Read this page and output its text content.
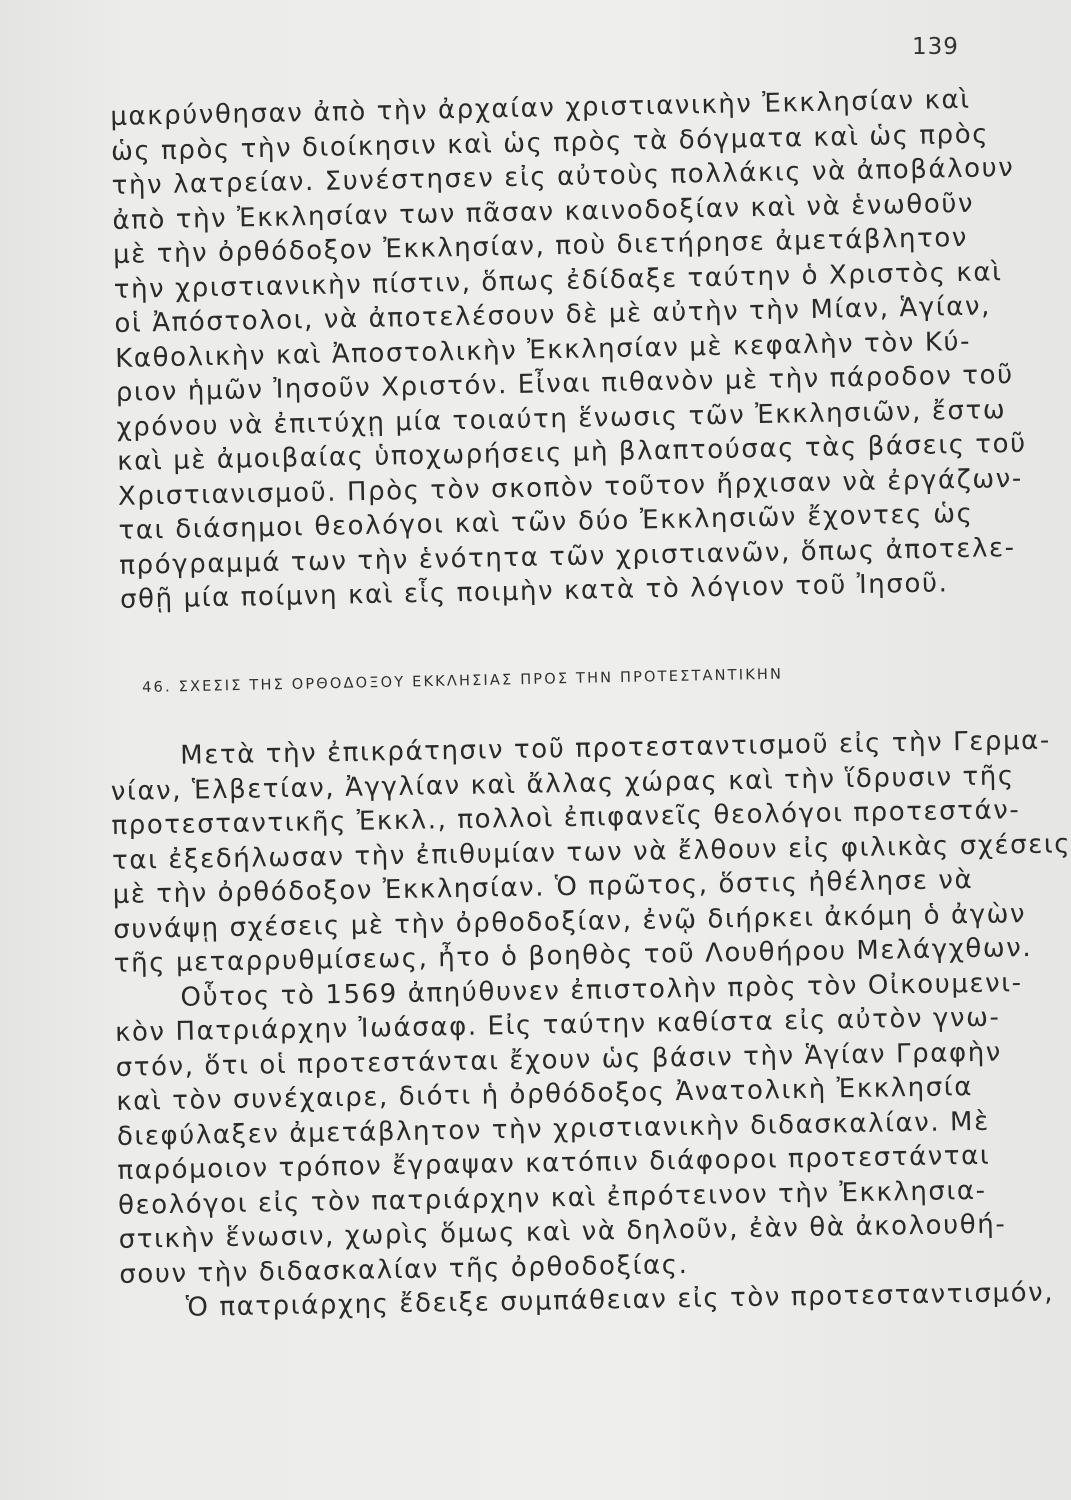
139
μακρύνθησαν ἀπὸ τὴν ἀρχαίαν χριστιανικὴν Ἐκκλησίαν καὶ
ὡς πρὸς τὴν διοίκησιν καὶ ὡς πρὸς τὰ δόγματα καὶ ὡς πρὸς
τὴν λατρείαν. Συνέστησεν εἰς αὐτοὺς πολλάκις νὰ ἀποβάλουν
ἀπὸ τὴν Ἐκκλησίαν των πᾶσαν καινοδοξίαν καὶ νὰ ἑνωθοῦν
μὲ τὴν ὀρθόδοξον Ἐκκλησίαν, ποὺ διετήρησε ἀμετάβλητον
τὴν χριστιανικὴν πίστιν, ὅπως ἐδίδαξε ταύτην ὁ Χριστὸς καὶ
οἱ Ἀπόστολοι, νὰ ἀποτελέσουν δὲ μὲ αὐτὴν τὴν Μίαν, Ἁγίαν,
Καθολικὴν καὶ Ἀποστολικὴν Ἐκκλησίαν μὲ κεφαλὴν τὸν Κύ-
ριον ἡμῶν Ἰησοῦν Χριστόν. Εἶναι πιθανὸν μὲ τὴν πάροδον τοῦ
χρόνου νὰ ἐπιτύχῃ μία τοιαύτη ἕνωσις τῶν Ἐκκλησιῶν, ἔστω
καὶ μὲ ἀμοιβαίας ὑποχωρήσεις μὴ βλαπτούσας τὰς βάσεις τοῦ
Χριστιανισμοῦ. Πρὸς τὸν σκοπὸν τοῦτον ἤρχισαν νὰ ἐργάζων-
ται διάσημοι θεολόγοι καὶ τῶν δύο Ἐκκλησιῶν ἔχοντες ὡς
πρόγραμμά των τὴν ἑνότητα τῶν χριστιανῶν, ὅπως ἀποτελε-
σθῇ μία ποίμνη καὶ εἷς ποιμὴν κατὰ τὸ λόγιον τοῦ Ἰησοῦ.
46. ΣΧΕΣΙΣ ΤΗΣ ΟΡΘΟΔΟΞΟΥ ΕΚΚΛΗΣΙΑΣ ΠΡΟΣ ΤΗΝ ΠΡΟΤΕΣΤΑΝΤΙΚΗΝ
Μετὰ τὴν ἐπικράτησιν τοῦ προτεσταντισμοῦ εἰς τὴν Γερμα-
νίαν, Ἑλβετίαν, Ἀγγλίαν καὶ ἄλλας χώρας καὶ τὴν ἵδρυσιν τῆς
προτεσταντικῆς Ἐκκλ., πολλοὶ ἐπιφανεῖς θεολόγοι προτεστάν-
ται ἐξεδήλωσαν τὴν ἐπιθυμίαν των νὰ ἔλθουν εἰς φιλικὰς σχέσεις
μὲ τὴν ὀρθόδοξον Ἐκκλησίαν. Ὁ πρῶτος, ὅστις ἠθέλησε νὰ
συνάψῃ σχέσεις μὲ τὴν ὀρθοδοξίαν, ἐνῷ διήρκει ἀκόμη ὁ ἀγὼν
τῆς μεταρρυθμίσεως, ἦτο ὁ βοηθὸς τοῦ Λουθήρου Μελάγχθων.
Οὗτος τὸ 1569 ἀπηύθυνεν ἐπιστολὴν πρὸς τὸν Οἰκουμενι-
κὸν Πατριάρχην Ἰωάσαφ. Εἰς ταύτην καθίστα εἰς αὐτὸν γνω-
στόν, ὅτι οἱ προτεστάνται ἔχουν ὡς βάσιν τὴν Ἁγίαν Γραφὴν
καὶ τὸν συνέχαιρε, διότι ἡ ὀρθόδοξος Ἀνατολικὴ Ἐκκλησία
διεφύλαξεν ἀμετάβλητον τὴν χριστιανικὴν διδασκαλίαν. Μὲ
παρόμοιον τρόπον ἔγραψαν κατόπιν διάφοροι προτεστάνται
θεολόγοι εἰς τὸν πατριάρχην καὶ ἐπρότεινον τὴν Ἐκκλησια-
στικὴν ἕνωσιν, χωρὶς ὅμως καὶ νὰ δηλοῦν, ἐὰν θὰ ἀκολουθή-
σουν τὴν διδασκαλίαν τῆς ὀρθοδοξίας.
Ὁ πατριάρχης ἔδειξε συμπάθειαν εἰς τὸν προτεσταντισμόν,
